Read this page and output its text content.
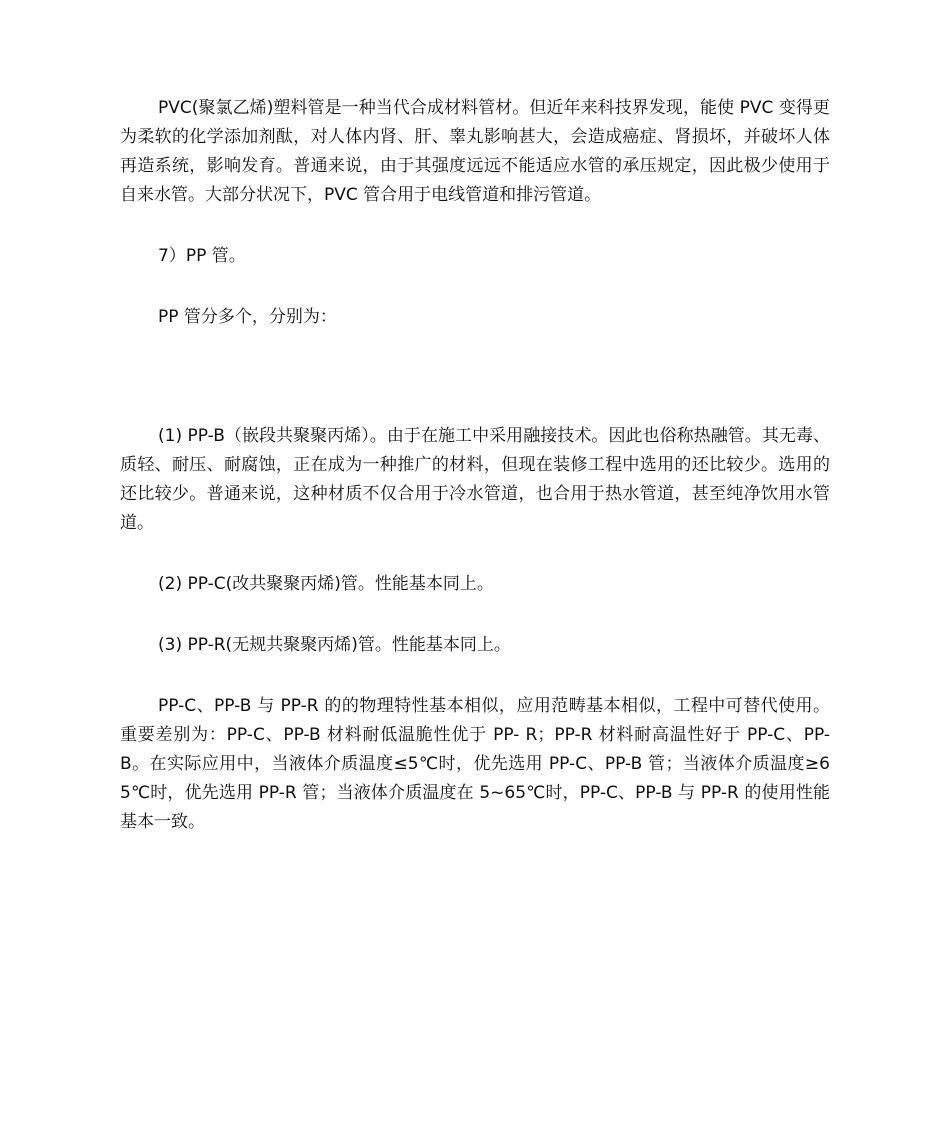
PVC(聚氯乙烯)塑料管是一种当代合成材料管材。但近年来科技界发现，能使 PVC 变得更为柔软的化学添加剂酞，对人体内肾、肝、睾丸影响甚大，会造成癌症、肾损坏，并破坏人体再造系统，影响发育。普通来说，由于其强度远远不能适应水管的承压规定，因此极少使用于自来水管。大部分状况下，PVC 管合用于电线管道和排污管道。

7）PP 管。

PP 管分多个，分别为：

(1) PP-B（嵌段共聚聚丙烯）。由于在施工中采用融接技术。因此也俗称热融管。其无毒、质轻、耐压、耐腐蚀，正在成为一种推广的材料，但现在装修工程中选用的还比较少。选用的还比较少。普通来说，这种材质不仅合用于冷水管道，也合用于热水管道，甚至纯净饮用水管道。

(2) PP-C(改共聚聚丙烯)管。性能基本同上。

(3) PP-R(无规共聚聚丙烯)管。性能基本同上。

PP-C、PP-B 与 PP-R 的的物理特性基本相似，应用范畴基本相似，工程中可替代使用。重要差别为：PP-C、PP-B 材料耐低温脆性优于 PP- R；PP-R 材料耐高温性好于 PP-C、PP-B。在实际应用中，当液体介质温度≤5℃时，优先选用 PP-C、PP-B 管；当液体介质温度≥65℃时，优先选用 PP-R 管；当液体介质温度在 5~65℃时，PP-C、PP-B 与 PP-R 的使用性能基本一致。
